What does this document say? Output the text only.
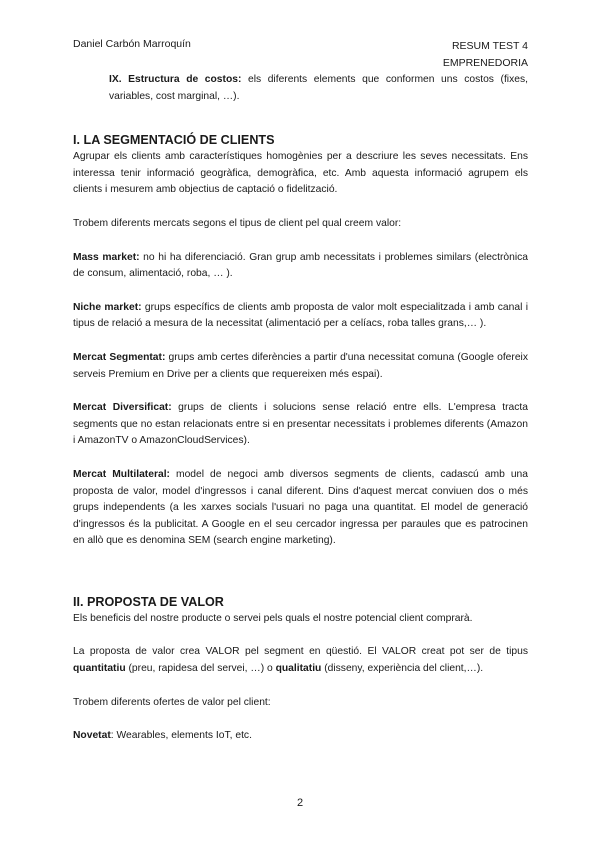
Daniel Carbón Marroquín	RESUM TEST 4
EMPRENEDORIA

IX. Estructura de costos: els diferents elements que conformen uns costos (fixes, variables, cost marginal, …).

I. LA SEGMENTACIÓ DE CLIENTS

Agrupar els clients amb característiques homogènies per a descriure les seves necessitats. Ens interessa tenir informació geogràfica, demogràfica, etc. Amb aquesta informació agrupem els clients i mesurem amb objectius de captació o fidelització.

Trobem diferents mercats segons el tipus de client pel qual creem valor:

Mass market: no hi ha diferenciació. Gran grup amb necessitats i problemes similars (electrònica de consum, alimentació, roba, … ).

Niche market: grups específics de clients amb proposta de valor molt especialitzada i amb canal i tipus de relació a mesura de la necessitat (alimentació per a celíacs, roba talles grans,… ).

Mercat Segmentat: grups amb certes diferències a partir d'una necessitat comuna (Google ofereix serveis Premium en Drive per a clients que requereixen més espai).

Mercat Diversificat: grups de clients i solucions sense relació entre ells. L'empresa tracta segments que no estan relacionats entre si en presentar necessitats i problemes diferents (Amazon i AmazonTV o AmazonCloudServices).

Mercat Multilateral: model de negoci amb diversos segments de clients, cadascú amb una proposta de valor, model d'ingressos i canal diferent. Dins d'aquest mercat conviuen dos o més grups independents (a les xarxes socials l'usuari no paga una quantitat. El model de generació d'ingressos és la publicitat. A Google en el seu cercador ingressa per paraules que es patrocinen en allò que es denomina SEM (search engine marketing).

II. PROPOSTA DE VALOR

Els beneficis del nostre producte o servei pels quals el nostre potencial client comprarà.

La proposta de valor crea VALOR pel segment en qüestió. El VALOR creat pot ser de tipus quantitatiu (preu, rapidesa del servei, …) o qualitatiu (disseny, experiència del client,…).

Trobem diferents ofertes de valor pel client:

Novetat: Wearables, elements IoT, etc.

2
